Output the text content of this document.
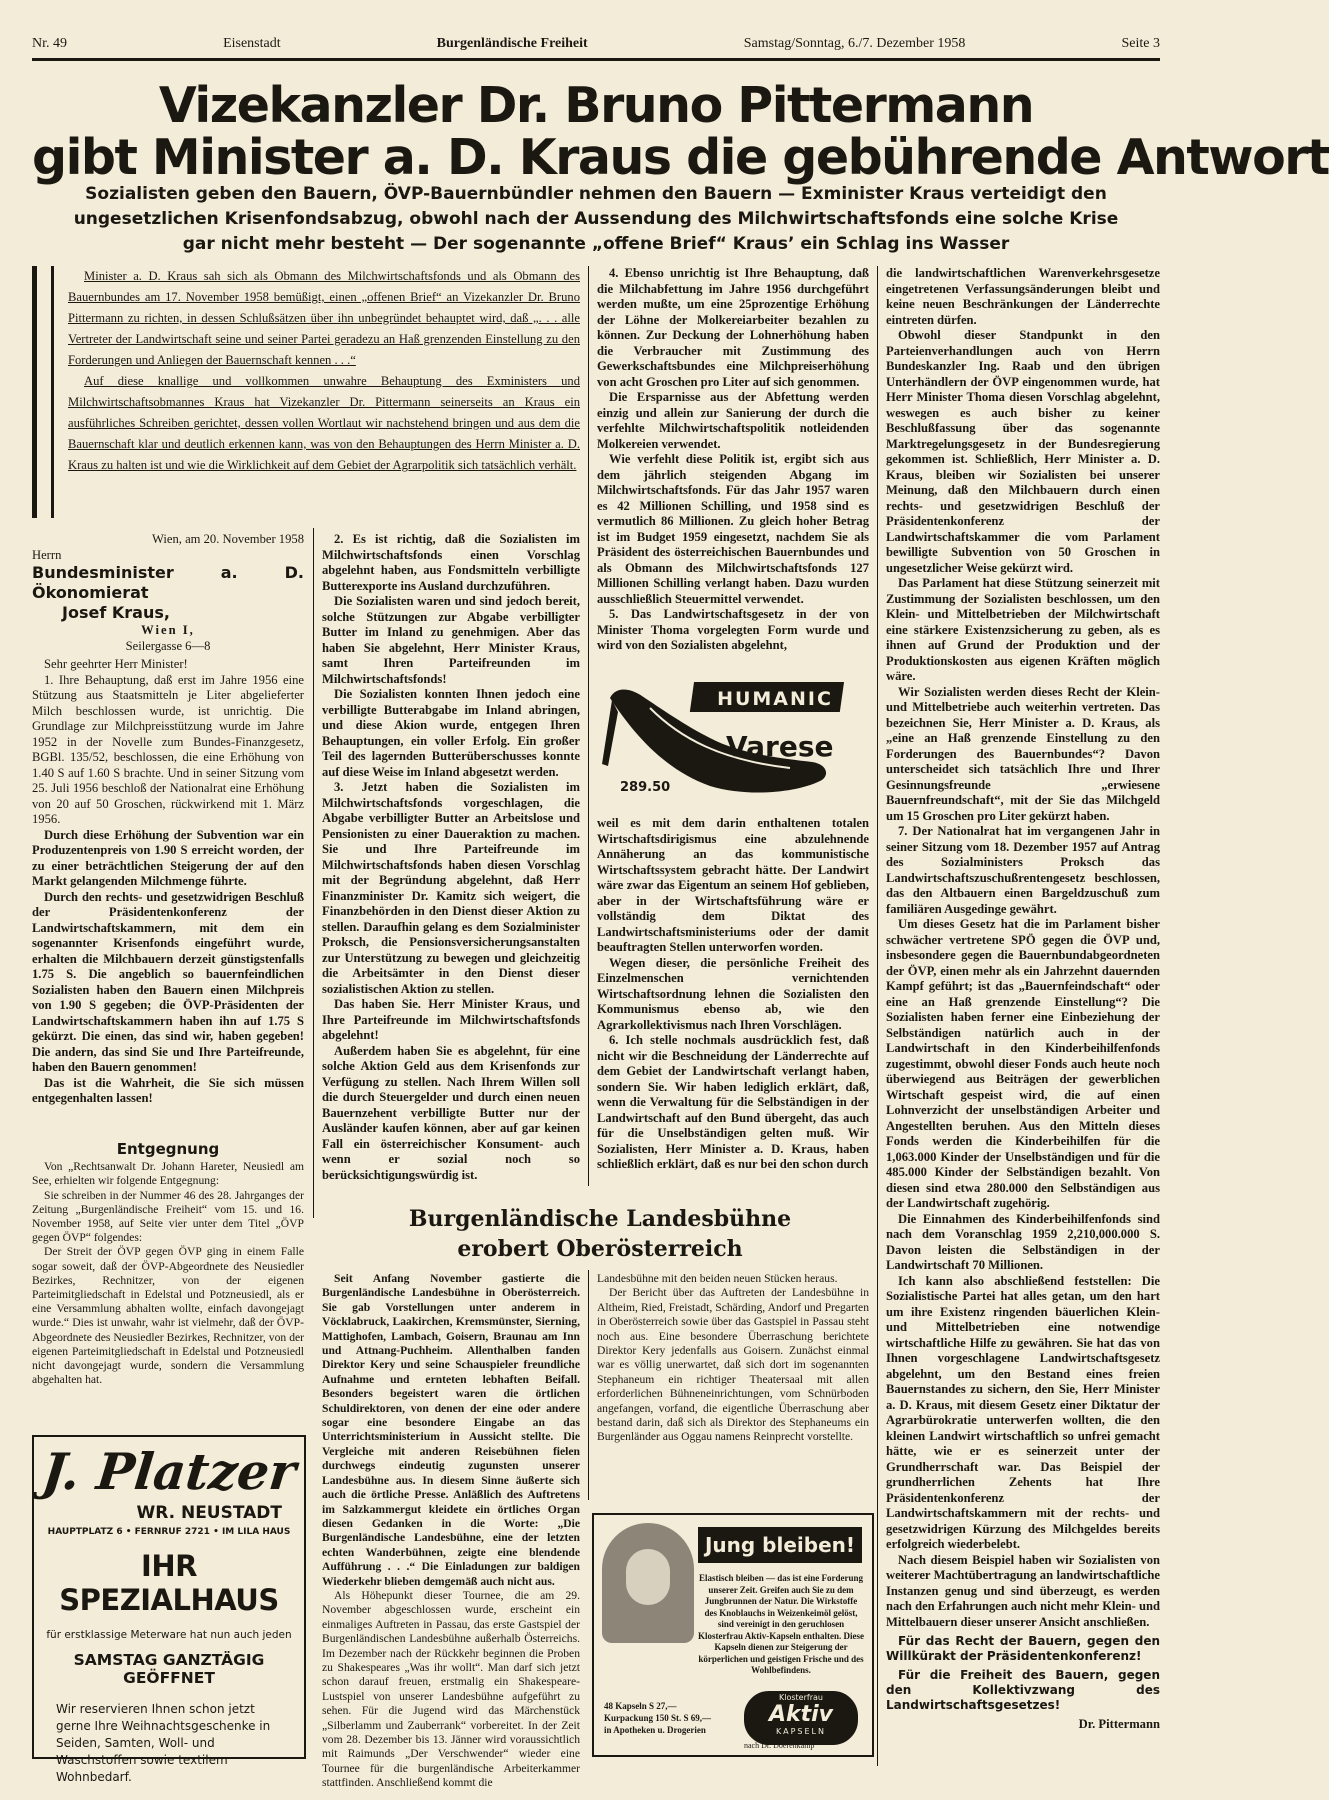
Nr. 49	Eisenstadt	Burgenländische Freiheit	Samstag/Sonntag, 6./7. Dezember 1958	Seite 3
Vizekanzler Dr. Bruno Pittermann
gibt Minister a. D. Kraus die gebührende Antwort
Sozialisten geben den Bauern, ÖVP-Bauernbündler nehmen den Bauern — Exminister Kraus verteidigt den
ungesetzlichen Krisenfondsabzug, obwohl nach der Aussendung des Milchwirtschaftsfonds eine solche Krise
gar nicht mehr besteht — Der sogenannte „offene Brief“ Kraus’ ein Schlag ins Wasser

Minister a. D. Kraus sah sich als Obmann des Milchwirtschaftsfonds und als Obmann des Bauernbundes am 17. November 1958 bemüßigt, einen „offenen Brief“ an Vizekanzler Dr. Bruno Pittermann zu richten, in dessen Schlußsätzen über ihn unbegründet behauptet wird, daß „. . . alle Vertreter der Landwirtschaft seine und seiner Partei geradezu an Haß grenzenden Einstellung zu den Forderungen und Anliegen der Bauernschaft kennen . . .“

Auf diese knallige und vollkommen unwahre Behauptung des Exministers und Milchwirtschaftsobmannes Kraus hat Vizekanzler Dr. Pittermann seinerseits an Kraus ein ausführliches Schreiben gerichtet, dessen vollen Wortlaut wir nachstehend bringen und aus dem die Bauernschaft klar und deutlich erkennen kann, was von den Behauptungen des Herrn Minister a. D. Kraus zu halten ist und wie die Wirklichkeit auf dem Gebiet der Agrarpolitik sich tatsächlich verhält.

Wien, am 20. November 1958

Herrn

Bundesminister a. D. Ökonomierat

Josef Kraus,

Wien I,

Seilergasse 6—8

Sehr geehrter Herr Minister!

1. Ihre Behauptung, daß erst im Jahre 1956 eine Stützung aus Staatsmitteln je Liter abgelieferter Milch beschlossen wurde, ist unrichtig. Die Grundlage zur Milchpreisstützung wurde im Jahre 1952 in der Novelle zum Bundes-Finanzgesetz, BGBl. 135/52, beschlossen, die eine Erhöhung von 1.40 S auf 1.60 S brachte. Und in seiner Sitzung vom 25. Juli 1956 beschloß der Nationalrat eine Erhöhung von 20 auf 50 Groschen, rückwirkend mit 1. März 1956.

Durch diese Erhöhung der Subvention war ein Produzentenpreis von 1.90 S erreicht worden, der zu einer beträchtlichen Steigerung der auf den Markt gelangenden Milchmenge führte.

Durch den rechts- und gesetzwidrigen Beschluß der Präsidentenkonferenz der Landwirtschaftskammern, mit dem ein sogenannter Krisenfonds eingeführt wurde, erhalten die Milchbauern derzeit günstigstenfalls 1.75 S. Die angeblich so bauernfeindlichen Sozialisten haben den Bauern einen Milchpreis von 1.90 S gegeben; die ÖVP-Präsidenten der Landwirtschaftskammern haben ihn auf 1.75 S gekürzt. Die einen, das sind wir, haben gegeben! Die andern, das sind Sie und Ihre Parteifreunde, haben den Bauern genommen!

Das ist die Wahrheit, die Sie sich müssen entgegenhalten lassen!

Entgegnung

Von „Rechtsanwalt Dr. Johann Hareter, Neusiedl am See, erhielten wir folgende Entgegnung:

Sie schreiben in der Nummer 46 des 28. Jahrganges der Zeitung „Burgenländische Freiheit“ vom 15. und 16. November 1958, auf Seite vier unter dem Titel „ÖVP gegen ÖVP“ folgendes:

Der Streit der ÖVP gegen ÖVP ging in einem Falle sogar soweit, daß der ÖVP-Abgeordnete des Neusiedler Bezirkes, Rechnitzer, von der eigenen Parteimitgliedschaft in Edelstal und Potzneusiedl, als er eine Versammlung abhalten wollte, einfach davongejagt wurde.“ Dies ist unwahr, wahr ist vielmehr, daß der ÖVP-Abgeordnete des Neusiedler Bezirkes, Rechnitzer, von der eigenen Parteimitgliedschaft in Edelstal und Potzneusiedl nicht davongejagt wurde, sondern die Versammlung abgehalten hat.

J. Platzer
WR. NEUSTADT
HAUPTPLATZ 6 • FERNRUF 2721 • IM LILA HAUS
IHR SPEZIALHAUS
für erstklassige Meterware hat nun auch jeden
SAMSTAG GANZTÄGIG GEÖFFNET
Wir reservieren Ihnen schon jetzt gerne Ihre Weihnachtsgeschenke in Seiden, Samten, Woll- und Waschstoffen sowie textilem Wohnbedarf.

2. Es ist richtig, daß die Sozialisten im Milchwirtschaftsfonds einen Vorschlag abgelehnt haben, aus Fondsmitteln verbilligte Butterexporte ins Ausland durchzuführen.

Die Sozialisten waren und sind jedoch bereit, solche Stützungen zur Abgabe verbilligter Butter im Inland zu genehmigen. Aber das haben Sie abgelehnt, Herr Minister Kraus, samt Ihren Parteifreunden im Milchwirtschaftsfonds!

Die Sozialisten konnten Ihnen jedoch eine verbilligte Butterabgabe im Inland abringen, und diese Akion wurde, entgegen Ihren Behauptungen, ein voller Erfolg. Ein großer Teil des lagernden Butterüberschusses konnte auf diese Weise im Inland abgesetzt werden.

3. Jetzt haben die Sozialisten im Milchwirtschaftsfonds vorgeschlagen, die Abgabe verbilligter Butter an Arbeitslose und Pensionisten zu einer Daueraktion zu machen. Sie und Ihre Parteifreunde im Milchwirtschaftsfonds haben diesen Vorschlag mit der Begründung abgelehnt, daß Herr Finanzminister Dr. Kamitz sich weigert, die Finanzbehörden in den Dienst dieser Aktion zu stellen. Daraufhin gelang es dem Sozialminister Proksch, die Pensionsversicherungsanstalten zur Unterstützung zu bewegen und gleichzeitig die Arbeitsämter in den Dienst dieser sozialistischen Aktion zu stellen.

Das haben Sie. Herr Minister Kraus, und Ihre Parteifreunde im Milchwirtschaftsfonds abgelehnt!

Außerdem haben Sie es abgelehnt, für eine solche Aktion Geld aus dem Krisenfonds zur Verfügung zu stellen. Nach Ihrem Willen soll die durch Steuergelder und durch einen neuen Bauernzehent verbilligte Butter nur der Ausländer kaufen können, aber auf gar keinen Fall ein österreichischer Konsument- auch wenn er sozial noch so berücksichtigungswürdig ist.

4. Ebenso unrichtig ist Ihre Behauptung, daß die Milchabfettung im Jahre 1956 durchgeführt werden mußte, um eine 25prozentige Erhöhung der Löhne der Molkereiarbeiter bezahlen zu können. Zur Deckung der Lohnerhöhung haben die Verbraucher mit Zustimmung des Gewerkschaftsbundes eine Milchpreiserhöhung von acht Groschen pro Liter auf sich genommen.

Die Ersparnisse aus der Abfettung werden einzig und allein zur Sanierung der durch die verfehlte Milchwirtschaftspolitik notleidenden Molkereien verwendet.

Wie verfehlt diese Politik ist, ergibt sich aus dem jährlich steigenden Abgang im Milchwirtschaftsfonds. Für das Jahr 1957 waren es 42 Millionen Schilling, und 1958 sind es vermutlich 86 Millionen. Zu gleich hoher Betrag ist im Budget 1959 eingesetzt, nachdem Sie als Präsident des österreichischen Bauernbundes und als Obmann des Milchwirtschaftsfonds 127 Millionen Schilling verlangt haben. Dazu wurden ausschließlich Steuermittel verwendet.

5. Das Landwirtschaftsgesetz in der von Minister Thoma vorgelegten Form wurde und wird von den Sozialisten abgelehnt,

HUMANIC
Varese
289.50

weil es mit dem darin enthaltenen totalen Wirtschaftsdirigismus eine abzulehnende Annäherung an das kommunistische Wirtschaftssystem gebracht hätte. Der Landwirt wäre zwar das Eigentum an seinem Hof geblieben, aber in der Wirtschaftsführung wäre er vollständig dem Diktat des Landwirtschaftsministeriums oder der damit beauftragten Stellen unterworfen worden.

Wegen dieser, die persönliche Freiheit des Einzelmenschen vernichtenden Wirtschaftsordnung lehnen die Sozialisten den Kommunismus ebenso ab, wie den Agrarkollektivismus nach Ihren Vorschlägen.

6. Ich stelle nochmals ausdrücklich fest, daß nicht wir die Beschneidung der Länderrechte auf dem Gebiet der Landwirtschaft verlangt haben, sondern Sie. Wir haben lediglich erklärt, daß, wenn die Verwaltung für die Selbständigen in der Landwirtschaft auf den Bund übergeht, das auch für die Unselbständigen gelten muß. Wir Sozialisten, Herr Minister a. D. Kraus, haben schließlich erklärt, daß es nur bei den schon durch

Burgenländische Landesbühne
erobert Oberösterreich

Seit Anfang November gastierte die Burgenländische Landesbühne in Oberösterreich. Sie gab Vorstellungen unter anderem in Vöcklabruck, Laakirchen, Kremsmünster, Sierning, Mattighofen, Lambach, Goisern, Braunau am Inn und Attnang-Puchheim. Allenthalben fanden Direktor Kery und seine Schauspieler freundliche Aufnahme und ernteten lebhaften Beifall. Besonders begeistert waren die örtlichen Schuldirektoren, von denen der eine oder andere sogar eine besondere Eingabe an das Unterrichtsministerium in Aussicht stellte. Die Vergleiche mit anderen Reisebühnen fielen durchwegs eindeutig zugunsten unserer Landesbühne aus. In diesem Sinne äußerte sich auch die örtliche Presse. Anläßlich des Auftretens im Salzkammergut kleidete ein örtliches Organ diesen Gedanken in die Worte: „Die Burgenländische Landesbühne, eine der letzten echten Wanderbühnen, zeigte eine blendende Aufführung . . .“ Die Einladungen zur baldigen Wiederkehr blieben demgemäß auch nicht aus.

Als Höhepunkt dieser Tournee, die am 29. November abgeschlossen wurde, erscheint ein einmaliges Auftreten in Passau, das erste Gastspiel der Burgenländischen Landesbühne außerhalb Österreichs. Im Dezember nach der Rückkehr beginnen die Proben zu Shakespeares „Was ihr wollt“. Man darf sich jetzt schon darauf freuen, erstmalig ein Shakespeare-Lustspiel von unserer Landesbühne aufgeführt zu sehen. Für die Jugend wird das Märchenstück „Silberlamm und Zauberrank“ vorbereitet. In der Zeit vom 28. Dezember bis 13. Jänner wird voraussichtlich mit Raimunds „Der Verschwender“ wieder eine Tournee für die burgenländische Arbeiterkammer stattfinden. Anschließend kommt die

Landesbühne mit den beiden neuen Stücken heraus.

Der Bericht über das Auftreten der Landesbühne in Altheim, Ried, Freistadt, Schärding, Andorf und Pregarten in Oberösterreich sowie über das Gastspiel in Passau steht noch aus. Eine besondere Überraschung berichtete Direktor Kery jedenfalls aus Goisern. Zunächst einmal war es völlig unerwartet, daß sich dort im sogenannten Stephaneum ein richtiger Theatersaal mit allen erforderlichen Bühneneinrichtungen, vom Schnürboden angefangen, vorfand, die eigentliche Überraschung aber bestand darin, daß sich als Direktor des Stephaneums ein Burgenländer aus Oggau namens Reinprecht vorstellte.

Jung bleiben!
Elastisch bleiben — das ist eine Forderung unserer Zeit. Greifen auch Sie zu dem Jungbrunnen der Natur. Die Wirkstoffe des Knoblauchs in Weizenkeimöl gelöst, sind vereinigt in den geruchlosen Klosterfrau Aktiv-Kapseln enthalten. Diese Kapseln dienen zur Steigerung der körperlichen und geistigen Frische und des Wohlbefindens.
48 Kapseln S 27,—
Kurpackung 150 St. S 69,—
in Apotheken u. Drogerien
Klosterfrau
Aktiv
KAPSELN
nach Dr. Doerenkamp

die landwirtschaftlichen Warenverkehrsgesetze eingetretenen Verfassungsänderungen bleibt und keine neuen Beschränkungen der Länderrechte eintreten dürfen.

Obwohl dieser Standpunkt in den Parteienverhandlungen auch von Herrn Bundeskanzler Ing. Raab und den übrigen Unterhändlern der ÖVP eingenommen wurde, hat Herr Minister Thoma diesen Vorschlag abgelehnt, weswegen es auch bisher zu keiner Beschlußfassung über das sogenannte Marktregelungsgesetz in der Bundesregierung gekommen ist. Schließlich, Herr Minister a. D. Kraus, bleiben wir Sozialisten bei unserer Meinung, daß den Milchbauern durch einen rechts- und gesetzwidrigen Beschluß der Präsidentenkonferenz der Landwirtschaftskammer die vom Parlament bewilligte Subvention von 50 Groschen in ungesetzlicher Weise gekürzt wird.

Das Parlament hat diese Stützung seinerzeit mit Zustimmung der Sozialisten beschlossen, um den Klein- und Mittelbetrieben der Milchwirtschaft eine stärkere Existenzsicherung zu geben, als es ihnen auf Grund der Produktion und der Produktionskosten aus eigenen Kräften möglich wäre.

Wir Sozialisten werden dieses Recht der Klein- und Mittelbetriebe auch weiterhin vertreten. Das bezeichnen Sie, Herr Minister a. D. Kraus, als „eine an Haß grenzende Einstellung zu den Forderungen des Bauernbundes“? Davon unterscheidet sich tatsächlich Ihre und Ihrer Gesinnungsfreunde „erwiesene Bauernfreundschaft“, mit der Sie das Milchgeld um 15 Groschen pro Liter gekürzt haben.

7. Der Nationalrat hat im vergangenen Jahr in seiner Sitzung vom 18. Dezember 1957 auf Antrag des Sozialministers Proksch das Landwirtschaftszuschußrentengesetz beschlossen, das den Altbauern einen Bargeldzuschuß zum familiären Ausgedinge gewährt.

Um dieses Gesetz hat die im Parlament bisher schwächer vertretene SPÖ gegen die ÖVP und, insbesondere gegen die Bauernbundabgeordneten der ÖVP, einen mehr als ein Jahrzehnt dauernden Kampf geführt; ist das „Bauernfeindschaft“ oder eine an Haß grenzende Einstellung“? Die Sozialisten haben ferner eine Einbeziehung der Selbständigen natürlich auch in der Landwirtschaft in den Kinderbeihilfenfonds zugestimmt, obwohl dieser Fonds auch heute noch überwiegend aus Beiträgen der gewerblichen Wirtschaft gespeist wird, die auf einen Lohnverzicht der unselbständigen Arbeiter und Angestellten beruhen. Aus den Mitteln dieses Fonds werden die Kinderbeihilfen für die 1,063.000 Kinder der Unselbständigen und für die 485.000 Kinder der Selbständigen bezahlt. Von diesen sind etwa 280.000 den Selbständigen aus der Landwirtschaft zugehörig.

Die Einnahmen des Kinderbeihilfenfonds sind nach dem Voranschlag 1959 2,210,000.000 S. Davon leisten die Selbständigen in der Landwirtschaft 70 Millionen.

Ich kann also abschließend feststellen: Die Sozialistische Partei hat alles getan, um den hart um ihre Existenz ringenden bäuerlichen Klein- und Mittelbetrieben eine notwendige wirtschaftliche Hilfe zu gewähren. Sie hat das von Ihnen vorgeschlagene Landwirtschaftsgesetz abgelehnt, um den Bestand eines freien Bauernstandes zu sichern, den Sie, Herr Minister a. D. Kraus, mit diesem Gesetz einer Diktatur der Agrarbürokratie unterwerfen wollten, die den kleinen Landwirt wirtschaftlich so unfrei gemacht hätte, wie er es seinerzeit unter der Grundherrschaft war. Das Beispiel der grundherrlichen Zehents hat Ihre Präsidentenkonferenz der Landwirtschaftskammern mit der rechts- und gesetzwidrigen Kürzung des Milchgeldes bereits erfolgreich wiederbelebt.

Nach diesem Beispiel haben wir Sozialisten von weiterer Machtübertragung an landwirtschaftliche Instanzen genug und sind überzeugt, es werden nach den Erfahrungen auch nicht mehr Klein- und Mittelbauern dieser unserer Ansicht anschließen.

Für das Recht der Bauern, gegen den Willkürakt der Präsidentenkonferenz!

Für die Freiheit des Bauern, gegen den Kollektivzwang des Landwirtschaftsgesetzes!

Dr. Pittermann
